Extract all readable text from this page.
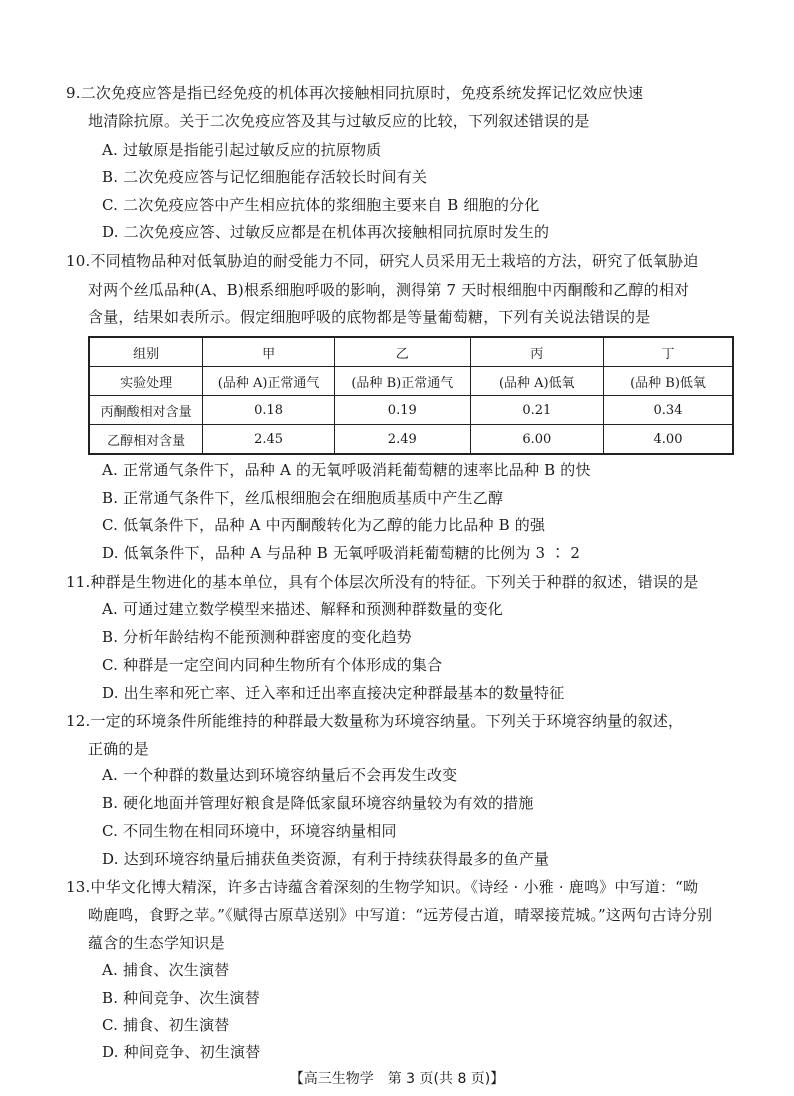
9.二次免疫应答是指已经免疫的机体再次接触相同抗原时，免疫系统发挥记忆效应快速
地清除抗原。关于二次免疫应答及其与过敏反应的比较，下列叙述错误的是
A. 过敏原是指能引起过敏反应的抗原物质
B. 二次免疫应答与记忆细胞能存活较长时间有关
C. 二次免疫应答中产生相应抗体的浆细胞主要来自 B 细胞的分化
D. 二次免疫应答、过敏反应都是在机体再次接触相同抗原时发生的
10.不同植物品种对低氧胁迫的耐受能力不同，研究人员采用无土栽培的方法，研究了低氧胁迫
对两个丝瓜品种(A、B)根系细胞呼吸的影响，测得第 7 天时根细胞中丙酮酸和乙醇的相对
含量，结果如表所示。假定细胞呼吸的底物都是等量葡萄糖，下列有关说法错误的是
组别	甲	乙	丙	丁
实验处理	(品种 A)正常通气	(品种 B)正常通气	(品种 A)低氧	(品种 B)低氧
丙酮酸相对含量	0.18	0.19	0.21	0.34
乙醇相对含量	2.45	2.49	6.00	4.00
A. 正常通气条件下，品种 A 的无氧呼吸消耗葡萄糖的速率比品种 B 的快
B. 正常通气条件下，丝瓜根细胞会在细胞质基质中产生乙醇
C. 低氧条件下，品种 A 中丙酮酸转化为乙醇的能力比品种 B 的强
D. 低氧条件下，品种 A 与品种 B 无氧呼吸消耗葡萄糖的比例为 3 ∶ 2
11.种群是生物进化的基本单位，具有个体层次所没有的特征。下列关于种群的叙述，错误的是
A. 可通过建立数学模型来描述、解释和预测种群数量的变化
B. 分析年龄结构不能预测种群密度的变化趋势
C. 种群是一定空间内同种生物所有个体形成的集合
D. 出生率和死亡率、迁入率和迁出率直接决定种群最基本的数量特征
12.一定的环境条件所能维持的种群最大数量称为环境容纳量。下列关于环境容纳量的叙述，
正确的是
A. 一个种群的数量达到环境容纳量后不会再发生改变
B. 硬化地面并管理好粮食是降低家鼠环境容纳量较为有效的措施
C. 不同生物在相同环境中，环境容纳量相同
D. 达到环境容纳量后捕获鱼类资源，有利于持续获得最多的鱼产量
13.中华文化博大精深，许多古诗蕴含着深刻的生物学知识。《诗经 · 小雅 · 鹿鸣》中写道：“呦
呦鹿鸣，食野之苹。”《赋得古原草送别》中写道：“远芳侵古道，晴翠接荒城。”这两句古诗分别
蕴含的生态学知识是
A. 捕食、次生演替
B. 种间竞争、次生演替
C. 捕食、初生演替
D. 种间竞争、初生演替
【高三生物学　第 3 页(共 8 页)】
